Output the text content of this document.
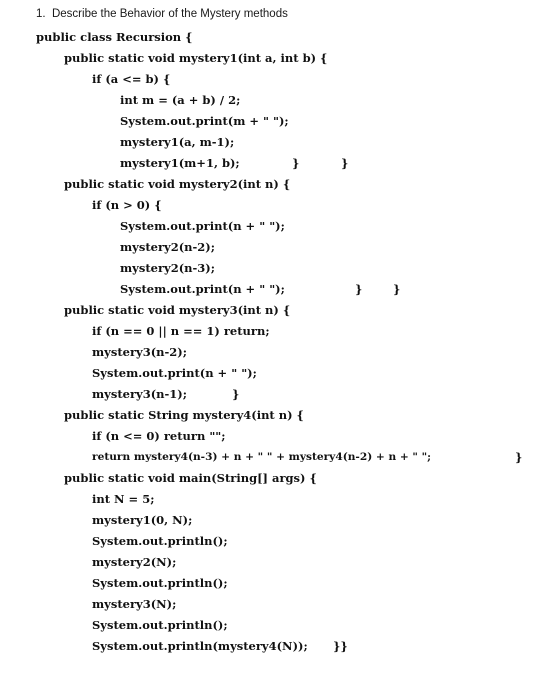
1.  Describe the Behavior of the Mystery methods
public class Recursion {
public static void mystery1(int a, int b) {
if (a <= b) {
int m = (a + b) / 2;
System.out.print(m + " ");
mystery1(a, m-1);
mystery1(m+1, b);	}	}
public static void mystery2(int n) {
if (n > 0) {
System.out.print(n + " ");
mystery2(n-2);
mystery2(n-3);
System.out.print(n + " ");	}	}
public static void mystery3(int n) {
if (n == 0 || n == 1) return;
mystery3(n-2);
System.out.print(n + " ");
mystery3(n-1);	}
public static String mystery4(int n) {
if (n <= 0) return "";
return mystery4(n-3) + n + " " + mystery4(n-2) + n + " ";	}
public static void main(String[] args) {
int N = 5;
mystery1(0, N);
System.out.println();
mystery2(N);
System.out.println();
mystery3(N);
System.out.println();
System.out.println(mystery4(N)); }}
